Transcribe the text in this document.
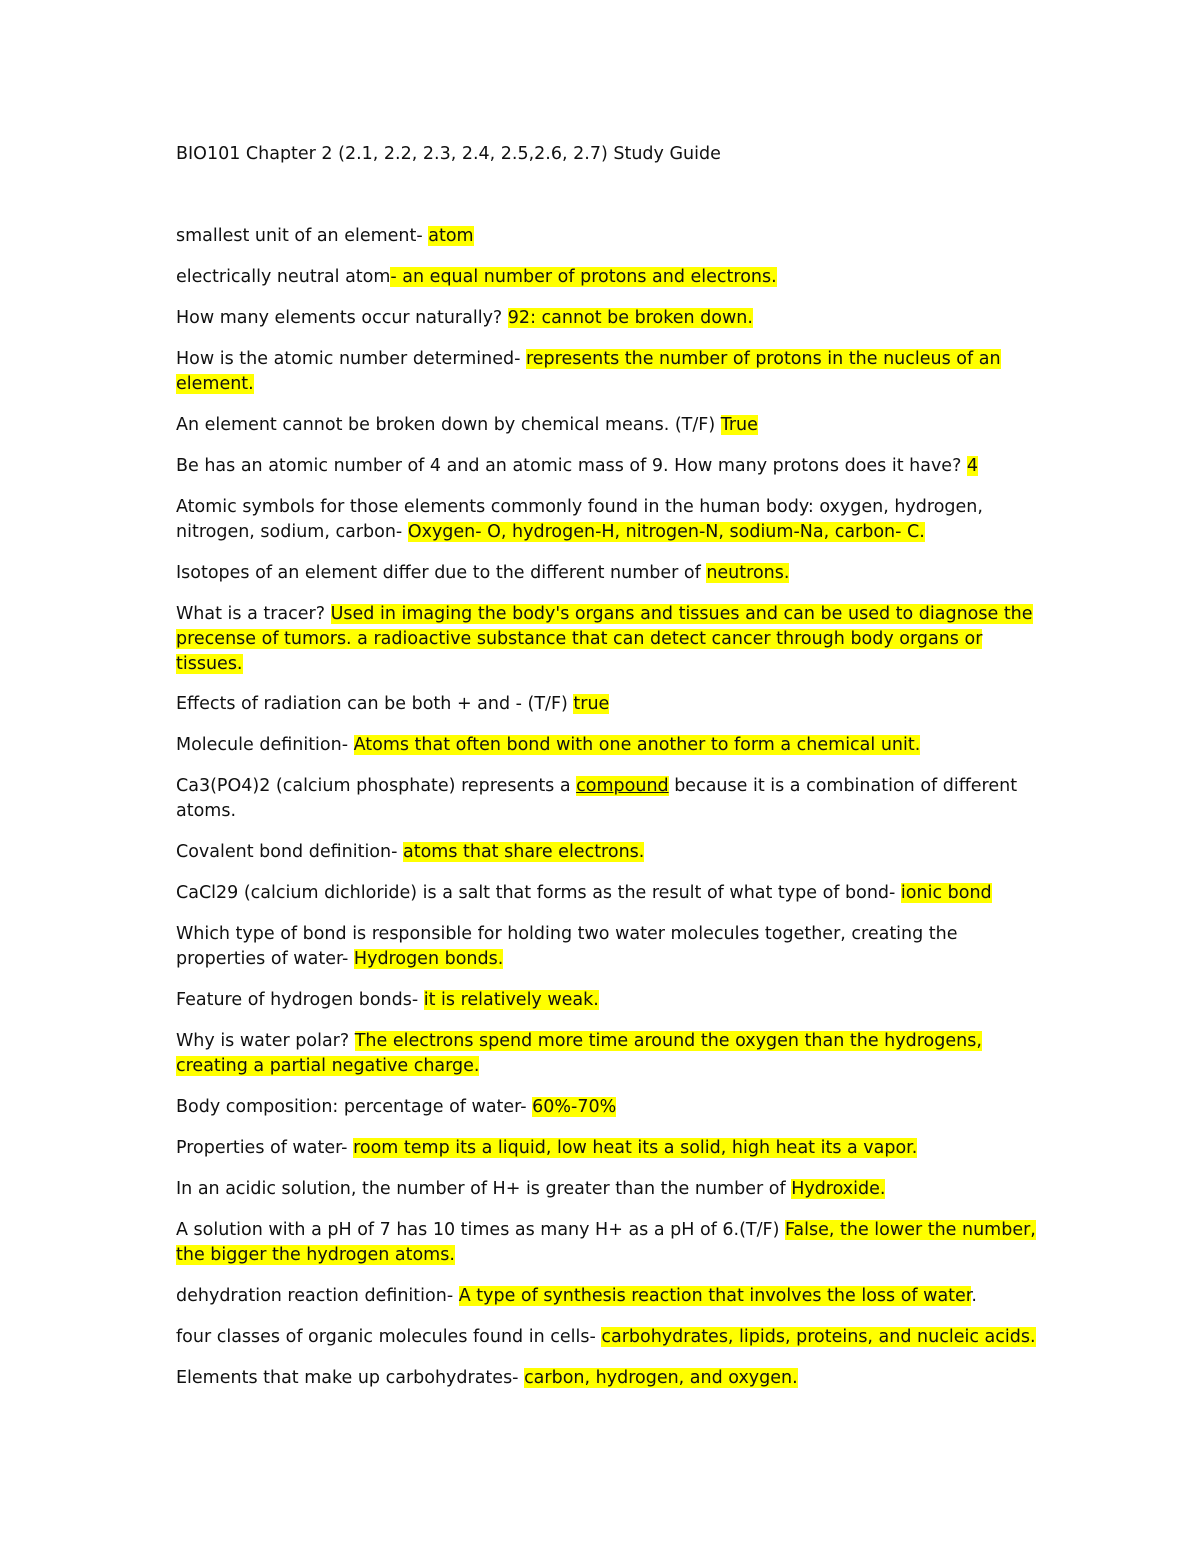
BIO101 Chapter 2 (2.1, 2.2, 2.3, 2.4, 2.5,2.6, 2.7) Study Guide

smallest unit of an element- atom

electrically neutral atom- an equal number of protons and electrons.

How many elements occur naturally? 92: cannot be broken down.

How is the atomic number determined- represents the number of protons in the nucleus of an element.

An element cannot be broken down by chemical means. (T/F) True

Be has an atomic number of 4 and an atomic mass of 9. How many protons does it have? 4

Atomic symbols for those elements commonly found in the human body: oxygen, hydrogen, nitrogen, sodium, carbon- Oxygen- O, hydrogen-H, nitrogen-N, sodium-Na, carbon- C.

Isotopes of an element differ due to the different number of neutrons.

What is a tracer? Used in imaging the body's organs and tissues and can be used to diagnose the precense of tumors. a radioactive substance that can detect cancer through body organs or tissues.

Effects of radiation can be both + and - (T/F) true

Molecule definition- Atoms that often bond with one another to form a chemical unit.

Ca3(PO4)2 (calcium phosphate) represents a compound because it is a combination of different atoms.

Covalent bond definition- atoms that share electrons.

CaCl29 (calcium dichloride) is a salt that forms as the result of what type of bond- ionic bond

Which type of bond is responsible for holding two water molecules together, creating the properties of water- Hydrogen bonds.

Feature of hydrogen bonds- it is relatively weak.

Why is water polar? The electrons spend more time around the oxygen than the hydrogens, creating a partial negative charge.

Body composition: percentage of water- 60%-70%

Properties of water- room temp its a liquid, low heat its a solid, high heat its a vapor.

In an acidic solution, the number of H+ is greater than the number of Hydroxide.

A solution with a pH of 7 has 10 times as many H+ as a pH of 6.(T/F) False, the lower the number, the bigger the hydrogen atoms.

dehydration reaction definition- A type of synthesis reaction that involves the loss of water.

four classes of organic molecules found in cells- carbohydrates, lipids, proteins, and nucleic acids.

Elements that make up carbohydrates- carbon, hydrogen, and oxygen.
